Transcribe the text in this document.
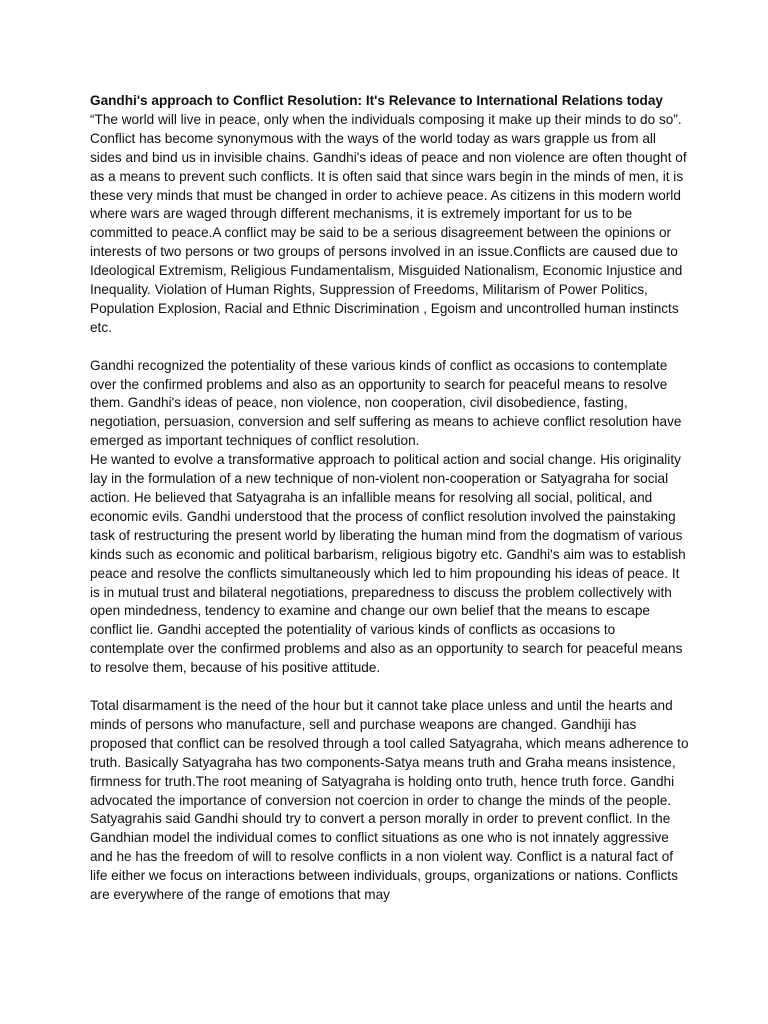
Gandhi's approach to Conflict Resolution: It's Relevance to International Relations today

“The world will live in peace, only when the individuals composing it make up their minds to do so”.

Conflict has become synonymous with the ways of the world today as wars grapple us from all sides and bind us in invisible chains. Gandhi's ideas of peace and non violence are often thought of as a means to prevent such conflicts. It is often said that since wars begin in the minds of men, it is these very minds that must be changed in order to achieve peace. As citizens in this modern world where wars are waged through different mechanisms, it is extremely important for us to be committed to peace.A conflict may be said to be a serious disagreement between the opinions or interests of two persons or two groups of persons involved in an issue.Conflicts are caused due to Ideological Extremism, Religious Fundamentalism, Misguided Nationalism, Economic Injustice and Inequality. Violation of Human Rights, Suppression of Freedoms, Militarism of Power Politics, Population Explosion, Racial and Ethnic Discrimination , Egoism and uncontrolled human instincts etc.

Gandhi recognized the potentiality of these various kinds of conflict as occasions to contemplate over the confirmed problems and also as an opportunity to search for peaceful means to resolve them. Gandhi's ideas of peace, non violence, non cooperation, civil disobedience, fasting, negotiation, persuasion, conversion and self suffering as means to achieve conflict resolution have emerged as important techniques of conflict resolution.

He wanted to evolve a transformative approach to political action and social change. His originality lay in the formulation of a new technique of non-violent non-cooperation or Satyagraha for social action. He believed that Satyagraha is an infallible means for resolving all social, political, and economic evils. Gandhi understood that the process of conflict resolution involved the painstaking task of restructuring the present world by liberating the human mind from the dogmatism of various kinds such as economic and political barbarism, religious bigotry etc. Gandhi's aim was to establish peace and resolve the conflicts simultaneously which led to him propounding his ideas of peace. It is in mutual trust and bilateral negotiations, preparedness to discuss the problem collectively with open mindedness, tendency to examine and change our own belief that the means to escape conflict lie. Gandhi accepted the potentiality of various kinds of conflicts as occasions to contemplate over the confirmed problems and also as an opportunity to search for peaceful means to resolve them, because of his positive attitude.

Total disarmament is the need of the hour but it cannot take place unless and until the hearts and minds of persons who manufacture, sell and purchase weapons are changed. Gandhiji has proposed that conflict can be resolved through a tool called Satyagraha, which means adherence to truth. Basically Satyagraha has two components-Satya means truth and Graha means insistence, firmness for truth.The root meaning of Satyagraha is holding onto truth, hence truth force. Gandhi advocated the importance of conversion not coercion in order to change the minds of the people. Satyagrahis said Gandhi should try to convert a person morally in order to prevent conflict. In the Gandhian model the individual comes to conflict situations as one who is not innately aggressive and he has the freedom of will to resolve conflicts in a non violent way. Conflict is a natural fact of life either we focus on interactions between individuals, groups, organizations or nations. Conflicts are everywhere of the range of emotions that may
